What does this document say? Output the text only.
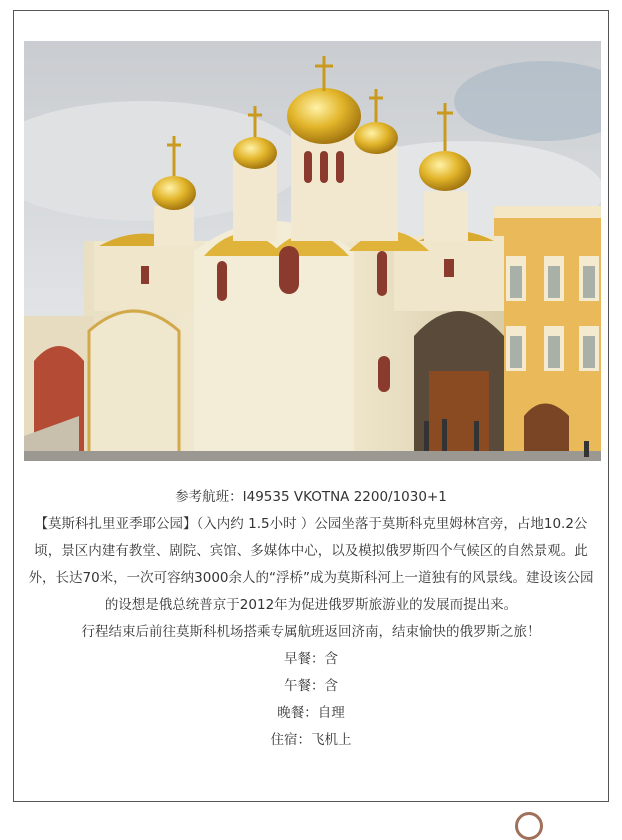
参考航班：I49535 VKOTNA 2200/1030+1

【莫斯科扎里亚季耶公园】（入内约 1.5小时 ）公园坐落于莫斯科克里姆林宫旁，占地10.2公顷，景区内建有教堂、剧院、宾馆、多媒体中心，以及模拟俄罗斯四个气候区的自然景观。此外，长达70米，一次可容纳3000余人的“浮桥”成为莫斯科河上一道独有的风景线。建设该公园的设想是俄总统普京于2012年为促进俄罗斯旅游业的发展而提出来。

行程结束后前往莫斯科机场搭乘专属航班返回济南，结束愉快的俄罗斯之旅！

早餐：含

午餐：含

晚餐：自理

住宿：飞机上
